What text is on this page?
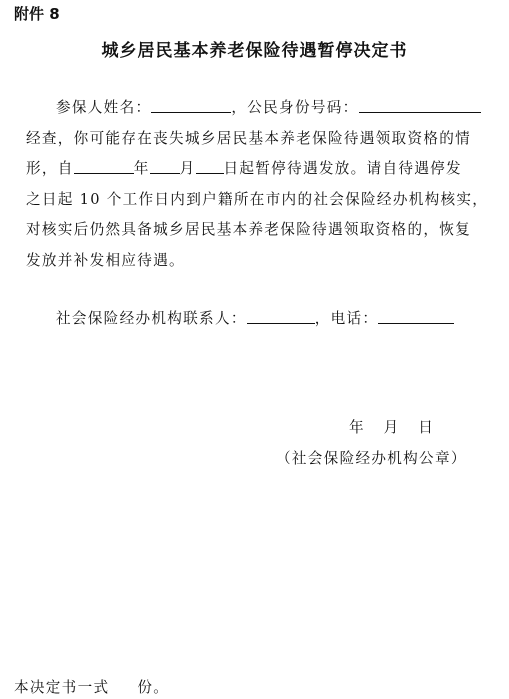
附件 8
城乡居民基本养老保险待遇暂停决定书
参保人姓名：	，公民身份号码：
经查，你可能存在丧失城乡居民基本养老保险待遇领取资格的情
形，自	年 月 日起暂停待遇发放。请自待遇停发
之日起 10 个工作日内到户籍所在市内的社会保险经办机构核实，
对核实后仍然具备城乡居民基本养老保险待遇领取资格的，恢复
发放并补发相应待遇。
社会保险经办机构联系人：	，电话：
年 月 日
（社会保险经办机构公章）
本决定书一式 份。
